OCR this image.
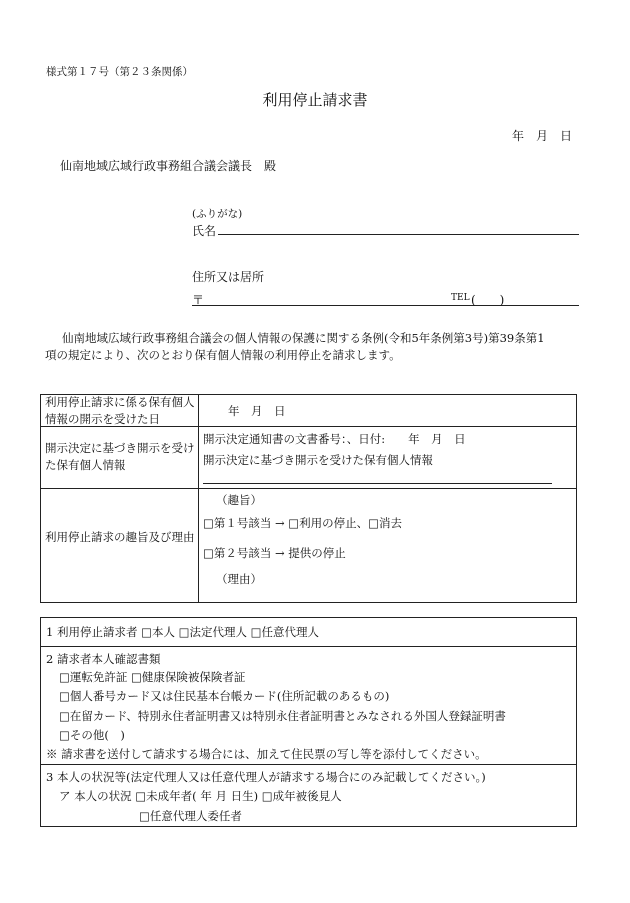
様式第１７号（第２３条関係）
利用停止請求書
年　月　日
仙南地域広域行政事務組合議会議長　殿
(ふりがな)
氏名
住所又は居所
〒	TEL (　　)
仙南地域広域行政事務組合議会の個人情報の保護に関する条例(令和5年条例第3号)第39条第1
項の規定により、次のとおり保有個人情報の利用停止を請求します。
利用停止請求に係る保有個人情報の開示を受けた日
年　月　日
開示決定に基づき開示を受けた保有個人情報
開示決定通知書の文書番号：、日付:　　年　月　日
開示決定に基づき開示を受けた保有個人情報
利用停止請求の趣旨及び理由
（趣旨）
□第１号該当 → □利用の停止、□消去
□第２号該当 → 提供の停止
（理由）
1 利用停止請求者 □本人 □法定代理人 □任意代理人
2 請求者本人確認書類
□運転免許証 □健康保険被保険者証
□個人番号カード又は住民基本台帳カード(住所記載のあるもの)
□在留カード、特別永住者証明書又は特別永住者証明書とみなされる外国人登録証明書
□その他(　)
※ 請求書を送付して請求する場合には、加えて住民票の写し等を添付してください。
3 本人の状況等(法定代理人又は任意代理人が請求する場合にのみ記載してください。)
ア 本人の状況 □未成年者( 年 月 日生) □成年被後見人
□任意代理人委任者
